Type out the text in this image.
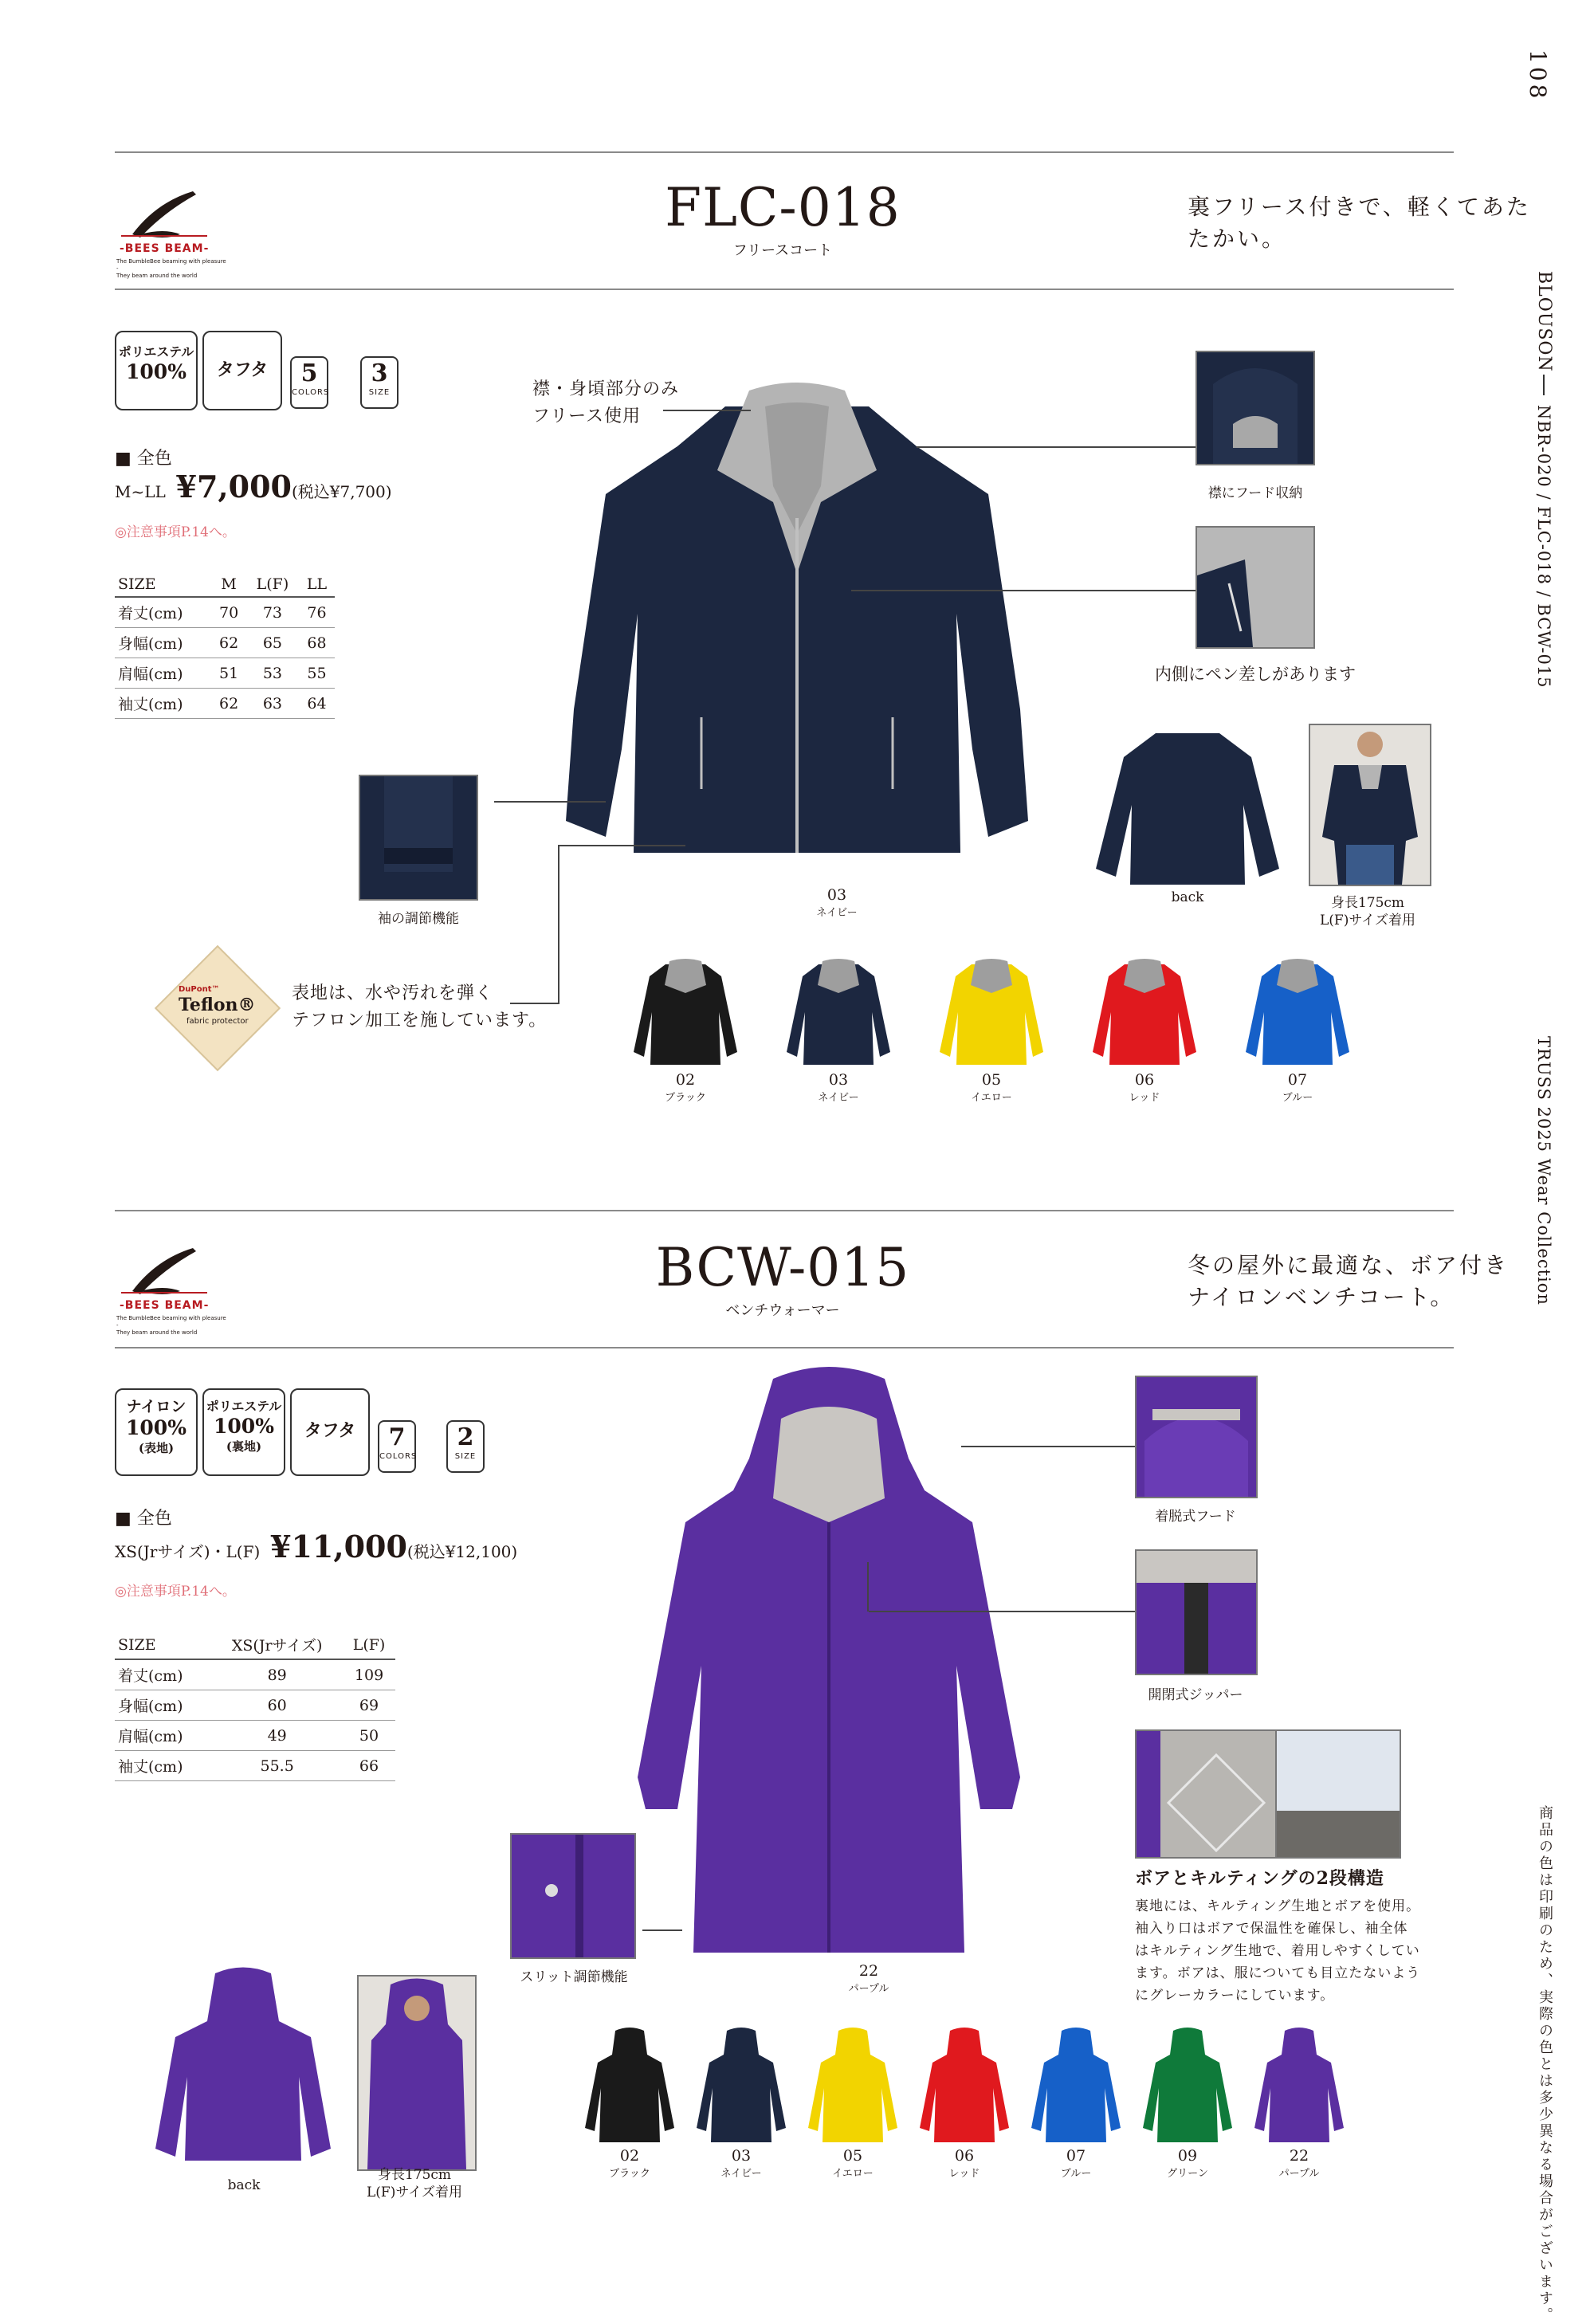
108
BLOUSON
NBR-020 / FLC-018 / BCW-015
TRUSS 2025 Wear Collection
商品の色は印刷のため、実際の色とは多少異なる場合がございます。
-BEES BEAM-
The BumbleBee beaming with pleasure -
They beam around the world
FLC-018
フリースコート
裏フリース付きで、軽くてあた
たかい。
ポリエステル
100%	タフタ	5
COLORS
3
SIZE
■ 全色
M~LL ¥7,000(税込¥7,700)
◎注意事項P.14へ。
SIZE	M	L(F)	LL
着丈(cm)	70	73	76
身幅(cm)	62	65	68
肩幅(cm)	51	53	55
袖丈(cm)	62	63	64
03
ネイビー
襟・身頃部分のみ
フリース使用
襟にフード収納
内側にペン差しがあります
袖の調節機能
DuPont™
Teflon®
fabric protector
表地は、水や汚れを弾く
テフロン加工を施しています。
back	身長175cm
L(F)サイズ着用
02
ブラック
03
ネイビー
05
イエロー
06
レッド
07
ブルー
-BEES BEAM-
The BumbleBee beaming with pleasure -
They beam around the world
BCW-015
ベンチウォーマー
冬の屋外に最適な、ボア付き
ナイロンベンチコート。
ナイロン
100%
(表地)
ポリエステル
100%
(裏地)
タフタ	7
COLORS
2
SIZE
■ 全色
XS(Jrサイズ)・L(F) ¥11,000(税込¥12,100)
◎注意事項P.14へ。
SIZE	XS(Jrサイズ)	L(F)
着丈(cm)	89	109
身幅(cm)	60	69
肩幅(cm)	49	50
袖丈(cm)	55.5	66
22
パープル
着脱式フード
開閉式ジッパー
ボアとキルティングの2段構造
裏地には、キルティング生地とボアを使用。
袖入り口はボアで保温性を確保し、袖全体
はキルティング生地で、着用しやすくしてい
ます。ボアは、服についても目立たないよう
にグレーカラーにしています。
スリット調節機能
back
身長175cm
L(F)サイズ着用
02
ブラック
03
ネイビー
05
イエロー
06
レッド
07
ブルー
09
グリーン
22
パープル
